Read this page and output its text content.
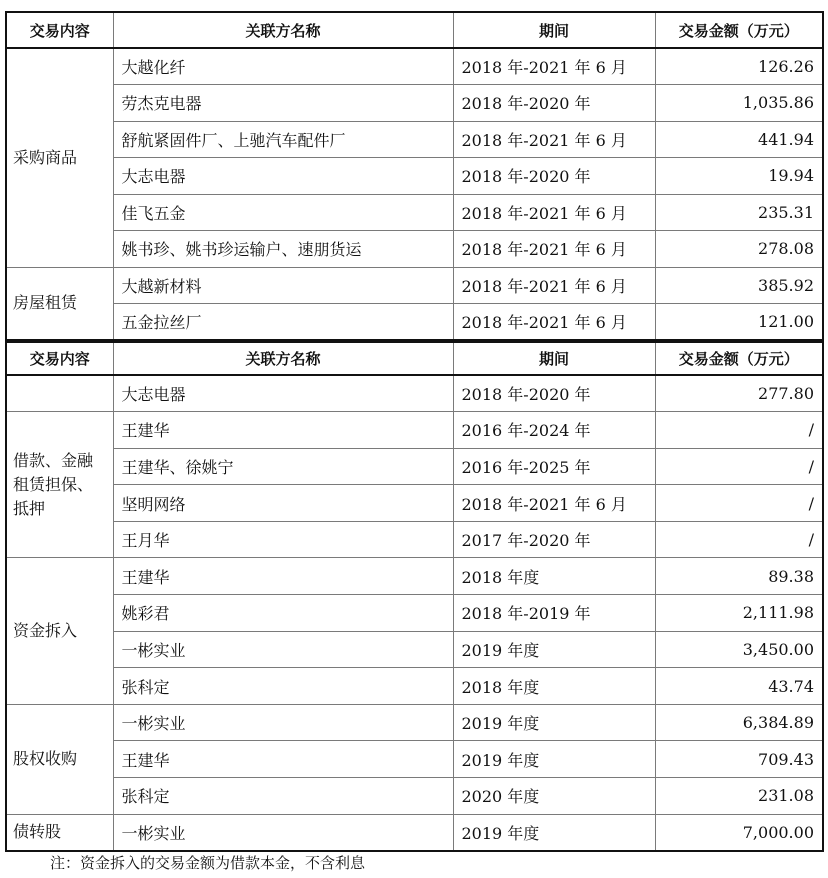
交易内容	关联方名称	期间	交易金额（万元）
采购商品	大越化纤	2018 年-2021 年 6 月	126.26
	劳杰克电器	2018 年-2020 年	1,035.86
	舒航紧固件厂、上驰汽车配件厂	2018 年-2021 年 6 月	441.94
	大志电器	2018 年-2020 年	19.94
	佳飞五金	2018 年-2021 年 6 月	235.31
	姚书珍、姚书珍运输户、速朋货运	2018 年-2021 年 6 月	278.08
房屋租赁	大越新材料	2018 年-2021 年 6 月	385.92
	五金拉丝厂	2018 年-2021 年 6 月	121.00
交易内容	关联方名称	期间	交易金额（万元）
	大志电器	2018 年-2020 年	277.80
借款、金融租赁担保、抵押	王建华	2016 年-2024 年	/
	王建华、徐姚宁	2016 年-2025 年	/
	坚明网络	2018 年-2021 年 6 月	/
	王月华	2017 年-2020 年	/
资金拆入	王建华	2018 年度	89.38
	姚彩君	2018 年-2019 年	2,111.98
	一彬实业	2019 年度	3,450.00
	张科定	2018 年度	43.74
股权收购	一彬实业	2019 年度	6,384.89
	王建华	2019 年度	709.43
	张科定	2020 年度	231.08
债转股	一彬实业	2019 年度	7,000.00
注：资金拆入的交易金额为借款本金，不含利息
